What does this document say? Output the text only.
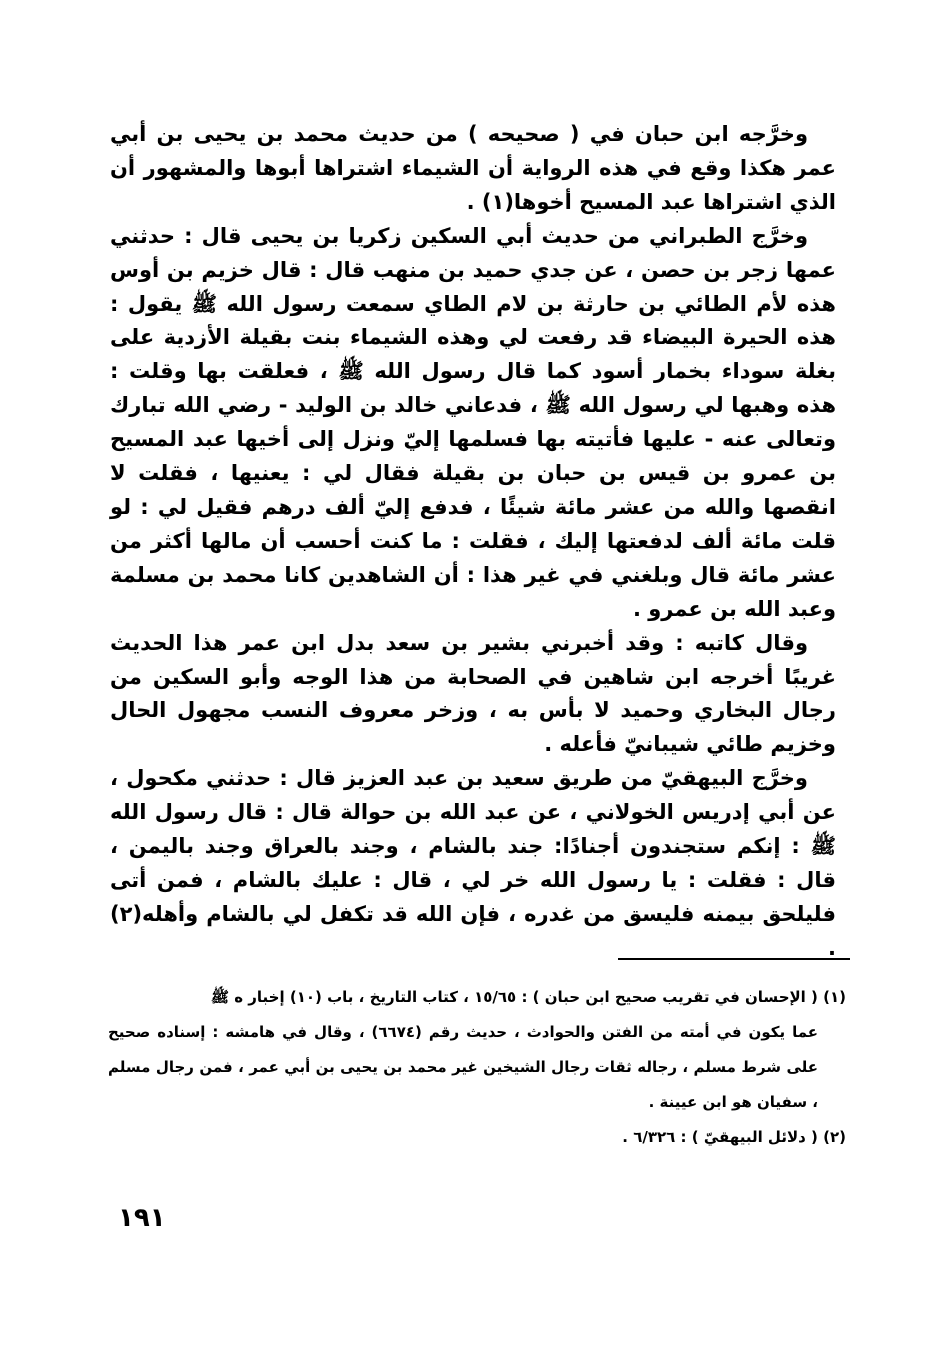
وخرَّجه ابن حبان في ( صحيحه ) من حديث محمد بن يحيى بن أبي عمر هكذا وقع في هذه الرواية أن الشيماء اشتراها أبوها والمشهور أن الذي اشتراها عبد المسيح أخوها(١) .

وخرَّج الطبراني من حديث أبي السكين زكريا بن يحيى قال : حدثني عمها زجر بن حصن ، عن جدي حميد بن منهب قال : قال خزيم بن أوس هذه لأم الطائي بن حارثة بن لام الطاي سمعت رسول الله ﷺ يقول : هذه الحيرة البيضاء قد رفعت لي وهذه الشيماء بنت بقيلة الأزدية على بغلة سوداء بخمار أسود كما قال رسول الله ﷺ ، فعلقت بها وقلت : هذه وهبها لي رسول الله ﷺ ، فدعاني خالد بن الوليد - رضي الله تبارك وتعالى عنه - عليها فأتيته بها فسلمها إليّ ونزل إلى أخيها عبد المسيح بن عمرو بن قيس بن حبان بن بقيلة فقال لي : يعنيها ، فقلت لا انقصها والله من عشر مائة شيئًا ، فدفع إليّ ألف درهم فقيل لي : لو قلت مائة ألف لدفعتها إليك ، فقلت : ما كنت أحسب أن مالها أكثر من عشر مائة قال وبلغني في غير هذا : أن الشاهدين كانا محمد بن مسلمة وعبد الله بن عمرو .

وقال كاتبه : وقد أخبرني بشير بن سعد بدل ابن عمر هذا الحديث غريبًا أخرجه ابن شاهين في الصحابة من هذا الوجه وأبو السكين من رجال البخاري وحميد لا بأس به ، وزخر معروف النسب مجهول الحال وخزيم طائي شيبانيّ فأعله .

وخرَّج البيهقيّ من طريق سعيد بن عبد العزيز قال : حدثني مكحول ، عن أبي إدريس الخولاني ، عن عبد الله بن حوالة قال : قال رسول الله ﷺ : إنكم ستجندون أجنادًا: جند بالشام ، وجند بالعراق وجند باليمن ، قال : فقلت : يا رسول الله خر لي ، قال : عليك بالشام ، فمن أتى فليلحق بيمنه فليسق من غدره ، فإن الله قد تكفل لي بالشام وأهله(٢) .

(١) ( الإحسان في تقريب صحيح ابن حبان ) : ١٥/٦٥ ، كتاب التاريخ ، باب (١٠) إخبار ه ﷺ

عما يكون في أمته من الفتن والحوادث ، حديث رقم (٦٦٧٤) ، وقال في هامشه : إسناده صحيح على شرط مسلم ، رجاله ثقات رجال الشيخين غير محمد بن يحيى بن أبي عمر ، فمن رجال مسلم ، سفيان هو ابن عيينة .

(٢) ( دلائل البيهقيّ ) : ٦/٣٢٦ .

١٩١
